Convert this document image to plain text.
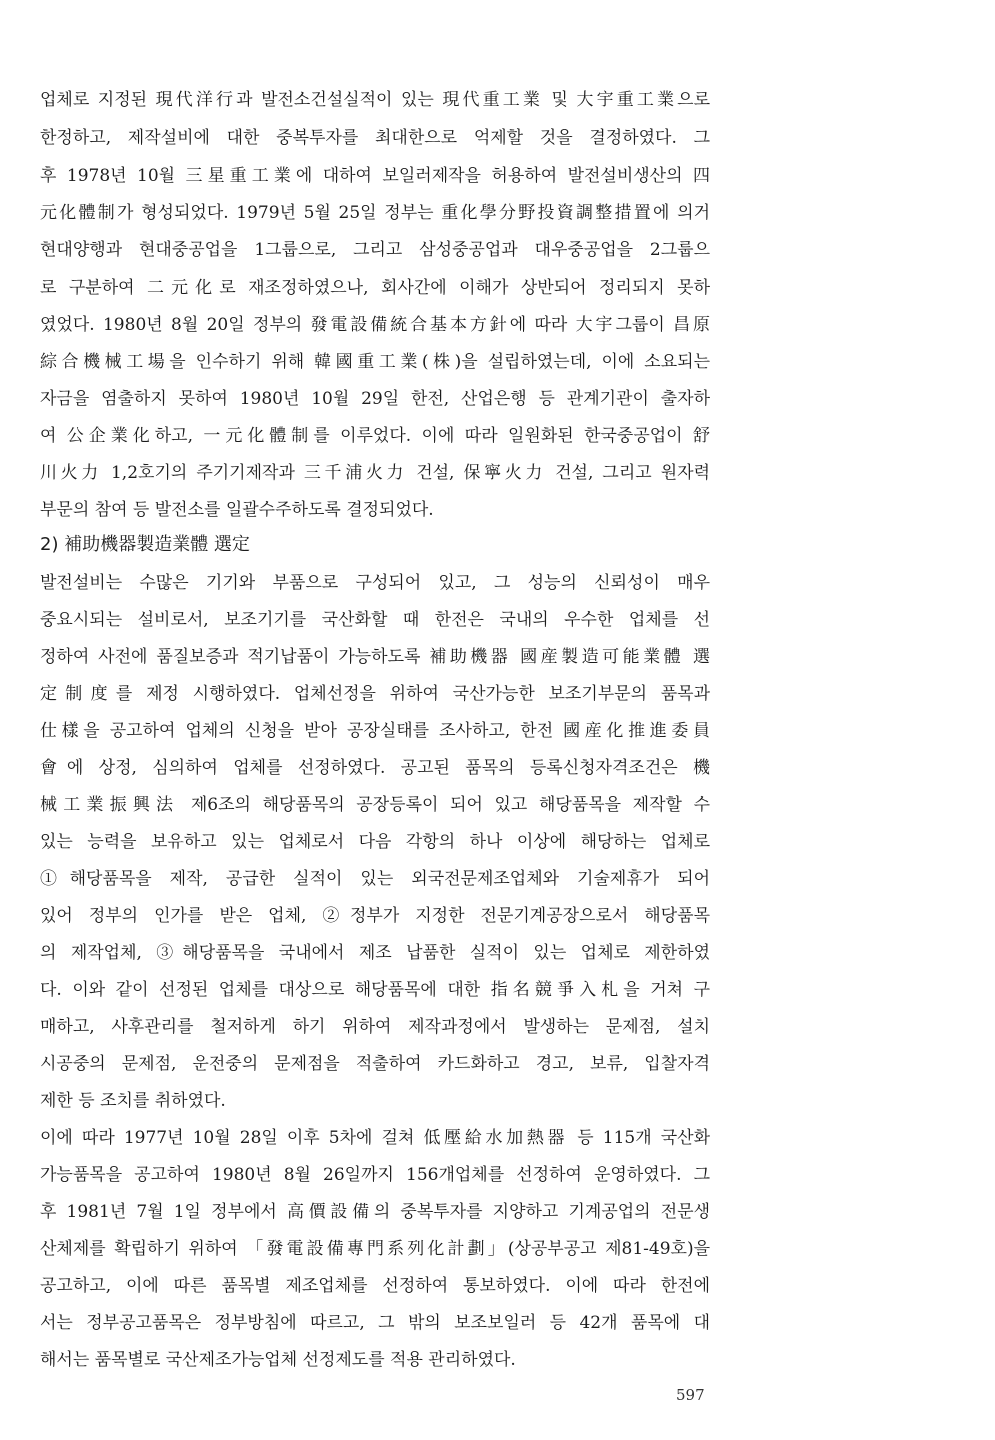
업체로 지정된 現代洋行과 발전소건설실적이 있는 現代重工業 및 大宇重工業으로
한정하고, 제작설비에 대한 중복투자를 최대한으로 억제할 것을 결정하였다. 그
후 1978년 10월 三星重工業에 대하여 보일러제작을 허용하여 발전설비생산의 四
元化體制가 형성되었다. 1979년 5월 25일 정부는 重化學分野投資調整措置에 의거
현대양행과 현대중공업을 1그룹으로, 그리고 삼성중공업과 대우중공업을 2그룹으
로 구분하여 二元化로 재조정하였으나, 회사간에 이해가 상반되어 정리되지 못하
였었다. 1980년 8월 20일 정부의 發電設備統合基本方針에 따라 大宇그룹이 昌原
綜合機械工場을 인수하기 위해 韓國重工業(株)을 설립하였는데, 이에 소요되는
자금을 염출하지 못하여 1980년 10월 29일 한전, 산업은행 등 관계기관이 출자하
여 公企業化하고, 一元化體制를 이루었다. 이에 따라 일원화된 한국중공업이 舒
川火力 1,2호기의 주기기제작과 三千浦火力 건설, 保寧火力 건설, 그리고 원자력
부문의 참여 등 발전소를 일괄수주하도록 결정되었다.
2) 補助機器製造業體 選定
발전설비는 수많은 기기와 부품으로 구성되어 있고, 그 성능의 신뢰성이 매우
중요시되는 설비로서, 보조기기를 국산화할 때 한전은 국내의 우수한 업체를 선
정하여 사전에 품질보증과 적기납품이 가능하도록 補助機器 國産製造可能業體 選
定制度를 제정 시행하였다. 업체선정을 위하여 국산가능한 보조기부문의 품목과
仕樣을 공고하여 업체의 신청을 받아 공장실태를 조사하고, 한전 國産化推進委員
會에 상정, 심의하여 업체를 선정하였다. 공고된 품목의 등록신청자격조건은 機
械工業振興法 제6조의 해당품목의 공장등록이 되어 있고 해당품목을 제작할 수
있는 능력을 보유하고 있는 업체로서 다음 각항의 하나 이상에 해당하는 업체로
①해당품목을 제작, 공급한 실적이 있는 외국전문제조업체와 기술제휴가 되어
있어 정부의 인가를 받은 업체, ②정부가 지정한 전문기계공장으로서 해당품목
의 제작업체, ③해당품목을 국내에서 제조 납품한 실적이 있는 업체로 제한하였
다. 이와 같이 선정된 업체를 대상으로 해당품목에 대한 指名競爭入札을 거쳐 구
매하고, 사후관리를 철저하게 하기 위하여 제작과정에서 발생하는 문제점, 설치
시공중의 문제점, 운전중의 문제점을 적출하여 카드화하고 경고, 보류, 입찰자격
제한 등 조치를 취하였다.
이에 따라 1977년 10월 28일 이후 5차에 걸쳐 低壓給水加熱器 등 115개 국산화
가능품목을 공고하여 1980년 8월 26일까지 156개업체를 선정하여 운영하였다. 그
후 1981년 7월 1일 정부에서 高價設備의 중복투자를 지양하고 기계공업의 전문생
산체제를 확립하기 위하여 「發電設備專門系列化計劃」(상공부공고 제81-49호)을
공고하고, 이에 따른 품목별 제조업체를 선정하여 통보하였다. 이에 따라 한전에
서는 정부공고품목은 정부방침에 따르고, 그 밖의 보조보일러 등 42개 품목에 대
해서는 품목별로 국산제조가능업체 선정제도를 적용 관리하였다.
597
